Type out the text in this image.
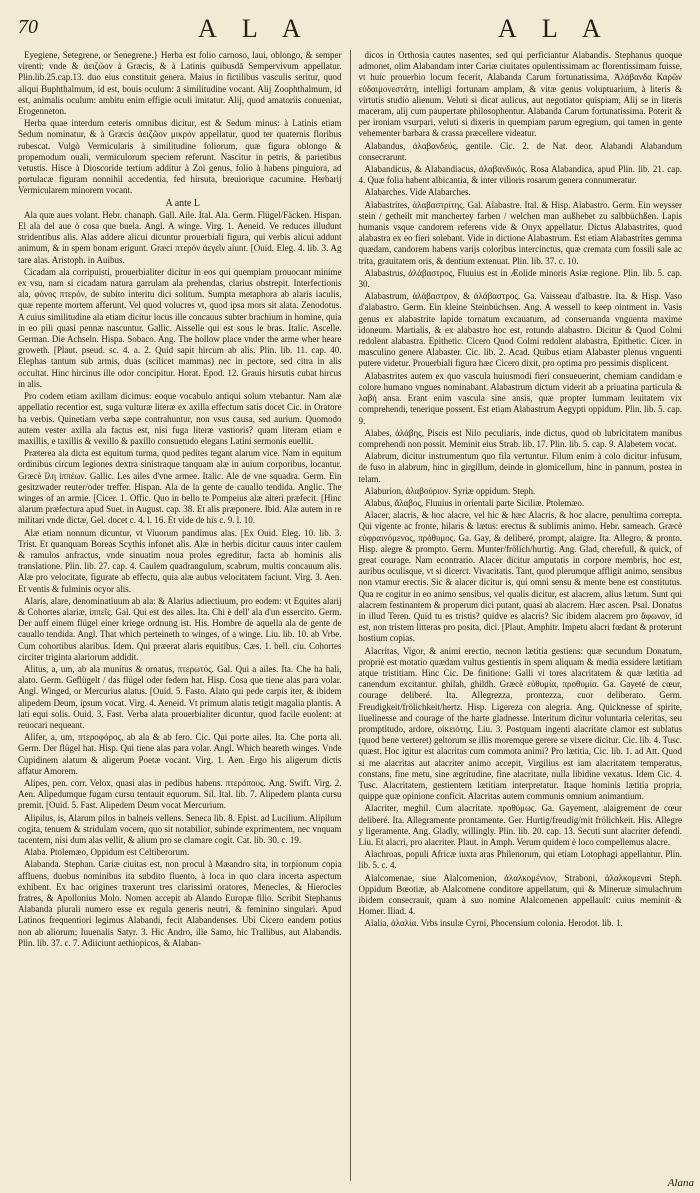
70	A L A	A L A

Eyegiene, Setegrene, or Senegrene.} Herba est folio carnoso, laui, oblongo, & semper virenti: vnde & ἀειζῶον à Græcis, & à Latinis quibusdā Sempervivum appellatur. Plin.lib.25.cap.13. duo eius constituit genera. Maius in fictilibus vasculis seritur, quod aliqui Buphthalmum, id est, bouis oculum: ā similitudine vocant. Alij Zoophthalmum, id est, animalis oculum: ambitu enim effigie oculi imitatur. Alij, quod amatoriis conueniat, Erogenneton.

Herba quae interdum ceteris omnibus dicitur, est & Sedum minus: à Latinis etiam Sedum nominatur, & à Græcis ἀειζῶον μικρόν appellatur, quod ter quaternis floribus rubescat. Vulgò Vermicularis à similitudine foliorum, quæ figura oblongo & propemodum ouali, vermiculorum speciem referunt. Nascitur in petris, & parietibus vetustis. Hisce à Dioscoride tertium additur à Zoi genus, folio à habens pinguiora, ad portulacæ figuram nonnihil accedentia, fed hirsuta, breuiorique cacumine. Herbarij Vermicularem minorem vocant.

A ante L

Ala quæ aues volant. Hebr. chanaph. Gall. Aile. Ital. Ala. Germ. Flügel/Fäcken. Hispan. El ala del aue ò cosa que buela. Angl. A winge. Virg. 1. Aeneid. Ve reduces illudunt stridentibus alis. Alas addere alicui dicuntur prouerbiali figura, qui verbis alicui addunt animum, & in spem bonam erigunt. Græci πτερόν ἀεγεῖν aiunt. [Ouid. Eleg. 4. lib. 3. Ag tare alas. Aristoph. in Auibus.

Cicadam ala corripuisti, prouerbialiter dicitur in eos qui quempiam prouocant minime ex vsu, nam si cicadam natura garrulam ala prehendas, clarius obstrepit. Interfectionis ala, φόνος πτερόν, de subito interitu dici solitum. Sumpta metaphora ab alaris iaculis, quæ repente mortem afferunt. Vel quod volucres vt, quod ipsa mors sit alata. Zenodotus. A cuius similitudine ala etiam dicitur locus ille concauus subter brachium in homine, quia in eo pili quasi pennæ nascuntur. Gallic. Aisselle qui est sous le bras. Italic. Ascelle. German. Die Achseln. Hispa. Sobaco. Ang. The hollow place vnder the arme wher heare groweth. [Plaut. pseud. sc. 4. a. 2. Quid sapit hircum ab alis. Plin. lib. 11. cap. 40. Elephas tantum sub armis, duas (scilicet mammas) nec in pectore, sed citra in alis occultat. Hinc hircinus ille odor concipitur. Horat. Epod. 12. Grauis hirsutis cubat hircus in alis.

Pro codem etiam axillam dicimus: eoque vocabulo antiqui solum vtebantur. Nam alæ appellatio recentior est, suga vulturæ literæ ex axilla effectum satis docet Cic. in Oratore ha verbis. Quinetiam verba sæpe contrahuntur, non vsus causa, sed aurium. Quomodo autem vester axilla ala factus est, nisi fuga literæ vastioris? quam literam etiam e maxillis, e taxillis & vexillo & paxillo consuetudo elegans Latini sermonis euellit.

Præterea ala dicta est equitum turma, quod pedites tegant alarum vice. Nam in equitum ordinibus circum legiones dextra sinistraque tanquam alæ in auium corporibus, locantur. Græcè ἴλη ἱππέων. Gallic. Les ailes d'vne armee. Italic. Ale de vne squadra. Germ. Ein gesitzwader reuter/oder treffer. Hispan. Ala de la gente de cauallo tendida. Anglic. The winges of an armie. [Cicer. 1. Offic. Quo in bello te Pompeius alæ alteri præfecit. [Hinc alarum præfectura apud Suet. in August. cap. 38. Et alis præponere. Ibid. Alæ autem in re militari vnde dictæ, Gel. docet c. 4. l. 16. Et vide de his c. 9. l. 10.

Alæ etiam nonnum dicuntur, vt Viuorum pandimus alas. [Ex Ouid. Eleg. 10. lib. 3. Trist. Et quanquam Boreas Scythis infonet alis. Alæ in herbis dicitur cauus inter caulem & ramulos anfractus, vnde sinuatim noua proles egreditur, facta ab hominis alis translatione. Plin. lib. 27. cap. 4. Caulem quadrangulum, scabrum, multis concauum alis. Alæ pro velocitate, figurate ab effectu, quia alæ aubus velocitatem faciunt. Virg. 3. Aen. Et ventis & fulminis ocyor alis.

Alaris, alare, denominatiuum ab ala: & Alarius adiectiuum, pro eodem: vt Equites alarij & Cohortes alariæ, ἱππεῖς. Gal. Qui est des ailes. Ita. Chi è dell' ala d'un essercito. Germ. Der auff einem flügel einer kriege ordnung ist. His. Hombre de aquella ala de gente de cauallo tendida. Angl. That which perteineth to winges, of a winge. Liu. lib. 10. ab Vrbe. Cum cohortibus alaribus. Idem. Qui præerat alaris equitibus. Cæs. 1. bell. ciu. Cohortes circiter triginta alariorum addidit.

Alitus, a, um, ab ala munitus & ornatus, πτερωτός. Gal. Qui a ailes. Ita. Che ha hali, alato. Germ. Geflügelt / das flügel oder federn hat. Hisp. Cosa que tiene alas para volar. Angl. Winged, or Mercurius alatus. [Ouid. 5. Fasto. Alato qui pede carpis iter, & ibidem alipedem Deum, ipsum vocat. Virg. 4. Aeneid. Vt primum alatis tetigit magalia plantis. A lati equi solis. Ouid. 3. Fast. Verba alata prouerbialiter dicuntur, quod facile euolent: at reuocari nequeant.

Alifer, a, um, πτεροφόρος, ab ala & ab fero. Cic. Qui porte ailes. Ita. Che porta ali. Germ. Der flügel hat. Hisp. Qui tiene alas para volar. Angl. Which beareth winges. Vnde Cupidinem alatum & aligerum Poetæ vocant. Virg. 1. Aen. Ergo his aligerum dictis affatur Amorem.

Alipes, pen. corr. Velox, quasi alas in pedibus habens. πτερόπους. Ang. Swift. Virg. 2. Aen. Alipedumque fugam cursu tentauit equorum. Sil. Ital. lib. 7. Alipedem planta cursu premit. [Ouid. 5. Fast. Alipedem Deum vocat Mercurium.

Alipilus, is, Alarum pilos in balneis vellens. Seneca lib. 8. Epist. ad Lucilium. Alipilum cogita, tenuem & stridulam vocem, quo sit notabilior, subinde exprimentem, nec vnquam tacentem, nisi dum alas vellit, & alium pro se clamare cogit. Cat. lib. 30. c. 19.

Alaba. Ptolemæo, Oppidum est Celtiberorum.

Alabanda. Stephan. Cariæ ciuitas est, non procul à Mæandro sita, in torpionum copia affluens, duobus nominibus ita subdito fluento, à loca in quo clara incerta aspectum exhibent. Ex hac origines traxerunt tres clarissimi oratores, Menecles, & Hierocles fratres, & Apollonius Molo. Nomen accepit ab Alando Europæ filio. Scribit Stephanus Alabanda plurali numero esse ex regula generis neutri, & feminino singulari. Apud Latinos frequentiori legimus Alabandi, fecit Alabandenses. Ubi Cicero eandem potius non ab aliorum; Iuuenalis Satyr. 3. Hic Andro, ille Samo, hic Trallibus, aut Alabandis. Plin. lib. 37. c. 7. Adiiciunt aethiopicos, & Alaban-

dicos in Orthosia cautes nasentes, sed qui perficiantur Alabandis. Stephanus quoque admonet, olim Alabandam inter Cariæ ciuitates opulentissimam ac florentissimam fuisse, vt huic prouerbio locum fecerit, Alabanda Carum fortunatissima, Ἀλάβανδα Καρῶν εὐδαιμονεστάτη, intelligi fortunam amplam, & vitæ genus voluptuarium, à literis & virtutis studio alienum. Veluti si dicat aulicus, aut negotiator quispiam, Alij se in literis maceram, alij cum paupertate philosophentur. Alabanda Carum fortunatissima. Poterit & per ironiam vsurpari, veluti si dixeris in quempiam parum egregium, qui tamen in gente vehementer barbara & crassa præcellere videatur.

Alabandus, ἀλαβανδεύς, gentile. Cic. 2. de Nat. deor. Alabandi Alabandum consecrarunt.

Alabandicus, & Alabandiacus, ἀλαβανδικός. Rosa Alabandica, apud Plin. lib. 21. cap. 4. Quæ folia habent albicantia, & inter vilioris rosarum genera connumeratur.

Alabarches. Vide Alabarches.

Alabastrites, ἀλαβαστρίτης. Gal. Alabastre. Ital. & Hisp. Alabastro. Germ. Ein weysser stein / getheilt mit manchertey farben / welchen man außhebet zu salbbüchßen. Lapis humanis vsque candorem referens vide & Onyx appellatur. Dictus Alabastrites, quod alabastra ex eo fieri solebant. Vide in dictione Alabastrum. Est etiam Alabastrites gemma quædam, candorem habens varijs coloribus intercinctus, quæ cremata cum fossili sale ac trita, grauitatem oris, & dentium extenuat. Plin. lib. 37. c. 10.

Alabastrus, ἀλάβαστρος, Fluuius est in Æolide minoris Asiæ regione. Plin. lib. 5. cap. 30.

Alabastrum, ἀλάβαστρον, & ἀλάβαστρος. Ga. Vaisseau d'albastre. Ita. & Hisp. Vaso d'alabastro. Germ. Ein kleine Steinbüchsen. Ang. A wessell to keep ointment in. Vasis genus ex alabastrite lapide tornatum excauatum, ad conseruanda vnguenta maxime idoneum. Martialis, & ex alabastro hoc est, rotundo alabastro. Dicitur & Quod Colmi redolent alabastra. Epithetic. Cicero Quod Colmi redolent alabastra, Epithetic. Cicer. in masculino genere Alabaster. Cic. lib. 2. Acad. Quibus etiam Alabaster plenus vnguenti putere videtur. Prouerbiali figura hæc Cicero dixit, pro optima pro pessimis displicent.

Alabastrites autem ex quo vascula huiusmodi fieri consueuerint, chemiam candidam e colore humano vngues nominabant. Alabastrum dictum viderit ab a priuatina particula & λαβή ansa. Erant enim vascula sine ansis, quæ propter lummam leuitatem vix comprehendi, tenerique possent. Est etiam Alabastrum Aegypti oppidum. Plin. lib. 5. cap. 9.

Alabes, ἀλάβης, Piscis est Nilo peculiaris, inde dictus, quod ob lubricitatem manibus comprehendi non possit. Meminit eius Strab. lib. 17. Plin. lib. 5. cap. 9. Alabetem vocat.

Alabrum, dicitur instrumentum quo fila vertuntur. Filum enim à colo dicitur infusum, de fuso in alabrum, hinc in girgillum, deinde in glomicellum, hinc in pannum, postea in telam.

Alaburion, ἀλαβούριον. Syriæ oppidum. Steph.

Alabus, ἄλαβος, Fluuius in orientali parte Siciliæ. Ptolemæo.

Alacer, alacris, & hoc alacre, vel hic & hæc Alacris, & hoc alacre, penultima correpta. Qui vigente ac fronte, hilaris & lætus: erectus & sublimis animo. Hebr. sameach. Græcè εὐφραινόμενος, πρόθυμος. Ga. Gay, & deliberé, prompt, alaigre. Ita. Allegro, & pronto. Hisp. alegre & prompto. Germ. Munter/frölich/hurtig. Ang. Glad, cherefull, & quick, of great courage. Nam econtrario. Alacer dicitur amputatis in corpore membris, hoc est, auribus oculisque, vt si dicerct. Vivacitatis. Tant, quod plerumque affligit animo, sensibus non vtamur erectis. Sic & alacer dicitur is, qui omni sensu & mente bene est constitutus. Qua re cogitur in eo animo sensibus, vel qualis dicitur, est alacrem, alius lætum. Sunt qui alacrem festinantem & properum dici putant, quasi ab alacrem. Hæc ascen. Psal. Donatus in illud Teren. Quid tu es tristis? quidve es alacris? Sic ibidem alacrem pro ἄφωνον, id est, non tristem litteras pro posita, dici. [Plaut. Amphitr. Impetu alacri fœdant & proterunt hostium copias.

Alacritas, Vigor, & animi erectio, necnon lætitia gestiens: quæ secundum Donatum, propriè est motatio quædam vultus gestientis in spem aliquam & media essidere lætitiam atque tristitiam. Hinc Cic. De finitione: Galli vi tores alacritatem & quæ lætitia ad canendum excitantur. ghilah, ghildh. Græcè εὐθυμία, προθυμία. Ga. Gayeté de cœur, courage deliberé. Ita. Allegrezza, prontezza, cuor deliberato. Germ. Freudigkeit/frölichkeit/hertz. Hisp. Ligereza con alegria. Ang. Quicknesse of spirite, liuelinesse and courage of the harte gladnesse. Interitum dicitur voluntaria celeritas, seu promptitudo, ardore, οἰκειότης. Liu. 3. Postquam ingenti alacritate clamor est sublatus (quod bene verteret) geltorum se illis moremque gerere se vixere dicitur. Cic. lib. 4. Tusc. quæst. Hoc igitur est alacritas cum commota animi? Pro lætitia, Cic. lib. 1. ad Att. Quod si me alacritas aut alacriter animo accepit, Virgilius est iam alacritatem temperatus, constans, fine metu, sine ægritudine, fine alacritate, nulla libidine vexatus. Idem Cic. 4. Tusc. Alacritatem, gestientem lætitiam interpretatur. Itaque hominis lætitia propria, quippe quæ opinione conficit. Alacritas autem communis omnium animantium.

Alacriter, meghil. Cum alacritate. προθύμως. Ga. Gayement, alaigrement de cœur deliberé. Ita. Allegramente prontamente. Ger. Hurtig/freudig/mit frölichkeit. His. Allegre y ligeramente. Ang. Gladly, willingly. Plin. lib. 20. cap. 13. Secuti sunt alacriter defendi. Liu. Et alacri, pro alacriter. Plaut. in Amph. Verum quidem è loco compellemus alacre.

Alachroas, populi Africæ iuxta aras Philenorum, qui etiam Lotophagi appellantur. Plin. lib. 5. c. 4.

Alalcomenae, siue Alalcomenion, ἀλαλκομένιον, Straboni, ἀλαλκομεναὶ Steph. Oppidum Bœotiæ, ab Alalcomene conditore appellatum, qui & Mineruæ simulachrum ibidem consecrauit, quam à suo nomine Alalcomenen appellauit: cuius meminit & Homer. Iliad. 4.

Alalia, ἀλαλία. Vrbs insulæ Cyrni, Phocensium colonia. Herodot. lib. 1.

Alana
